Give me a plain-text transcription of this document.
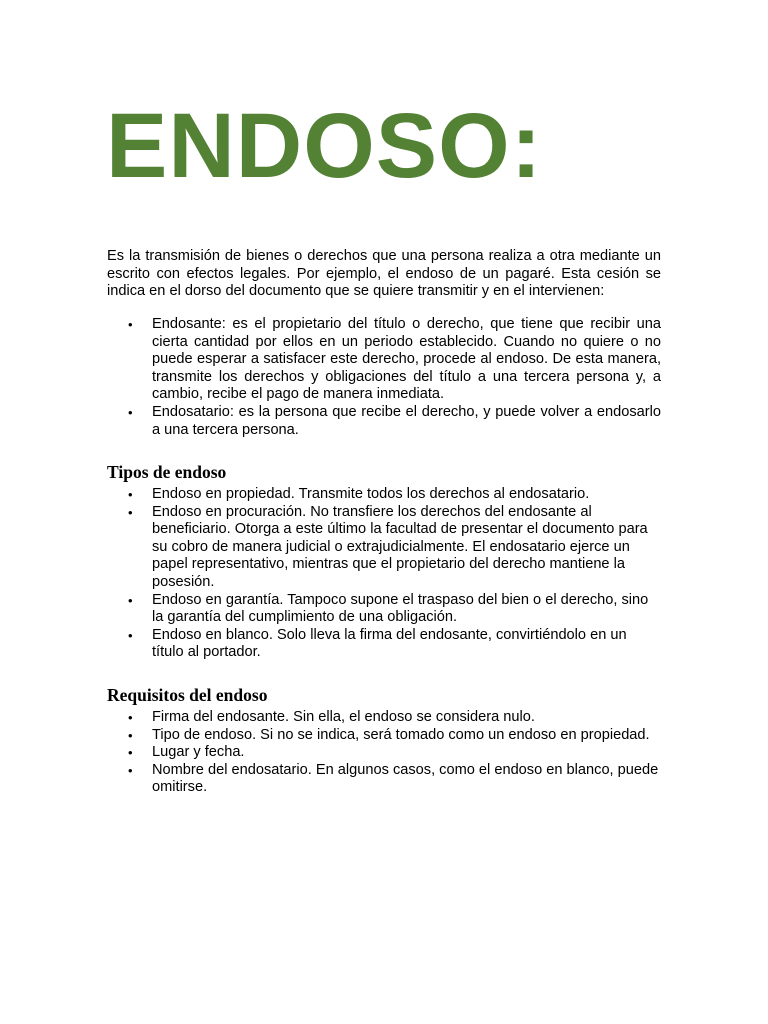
ENDOSO:

Es la transmisión de bienes o derechos que una persona realiza a otra mediante un escrito con efectos legales. Por ejemplo, el endoso de un pagaré. Esta cesión se indica en el dorso del documento que se quiere transmitir y en el intervienen:

• Endosante: es el propietario del título o derecho, que tiene que recibir una cierta cantidad por ellos en un periodo establecido. Cuando no quiere o no puede esperar a satisfacer este derecho, procede al endoso. De esta manera, transmite los derechos y obligaciones del título a una tercera persona y, a cambio, recibe el pago de manera inmediata.
• Endosatario: es la persona que recibe el derecho, y puede volver a endosarlo a una tercera persona.
Tipos de endoso
• Endoso en propiedad. Transmite todos los derechos al endosatario.
• Endoso en procuración. No transfiere los derechos del endosante al beneficiario. Otorga a este último la facultad de presentar el documento para su cobro de manera judicial o extrajudicialmente. El endosatario ejerce un papel representativo, mientras que el propietario del derecho mantiene la posesión.
• Endoso en garantía. Tampoco supone el traspaso del bien o el derecho, sino la garantía del cumplimiento de una obligación.
• Endoso en blanco. Solo lleva la firma del endosante, convirtiéndolo en un título al portador.
Requisitos del endoso
• Firma del endosante. Sin ella, el endoso se considera nulo.
• Tipo de endoso. Si no se indica, será tomado como un endoso en propiedad.
• Lugar y fecha.
• Nombre del endosatario. En algunos casos, como el endoso en blanco, puede omitirse.
